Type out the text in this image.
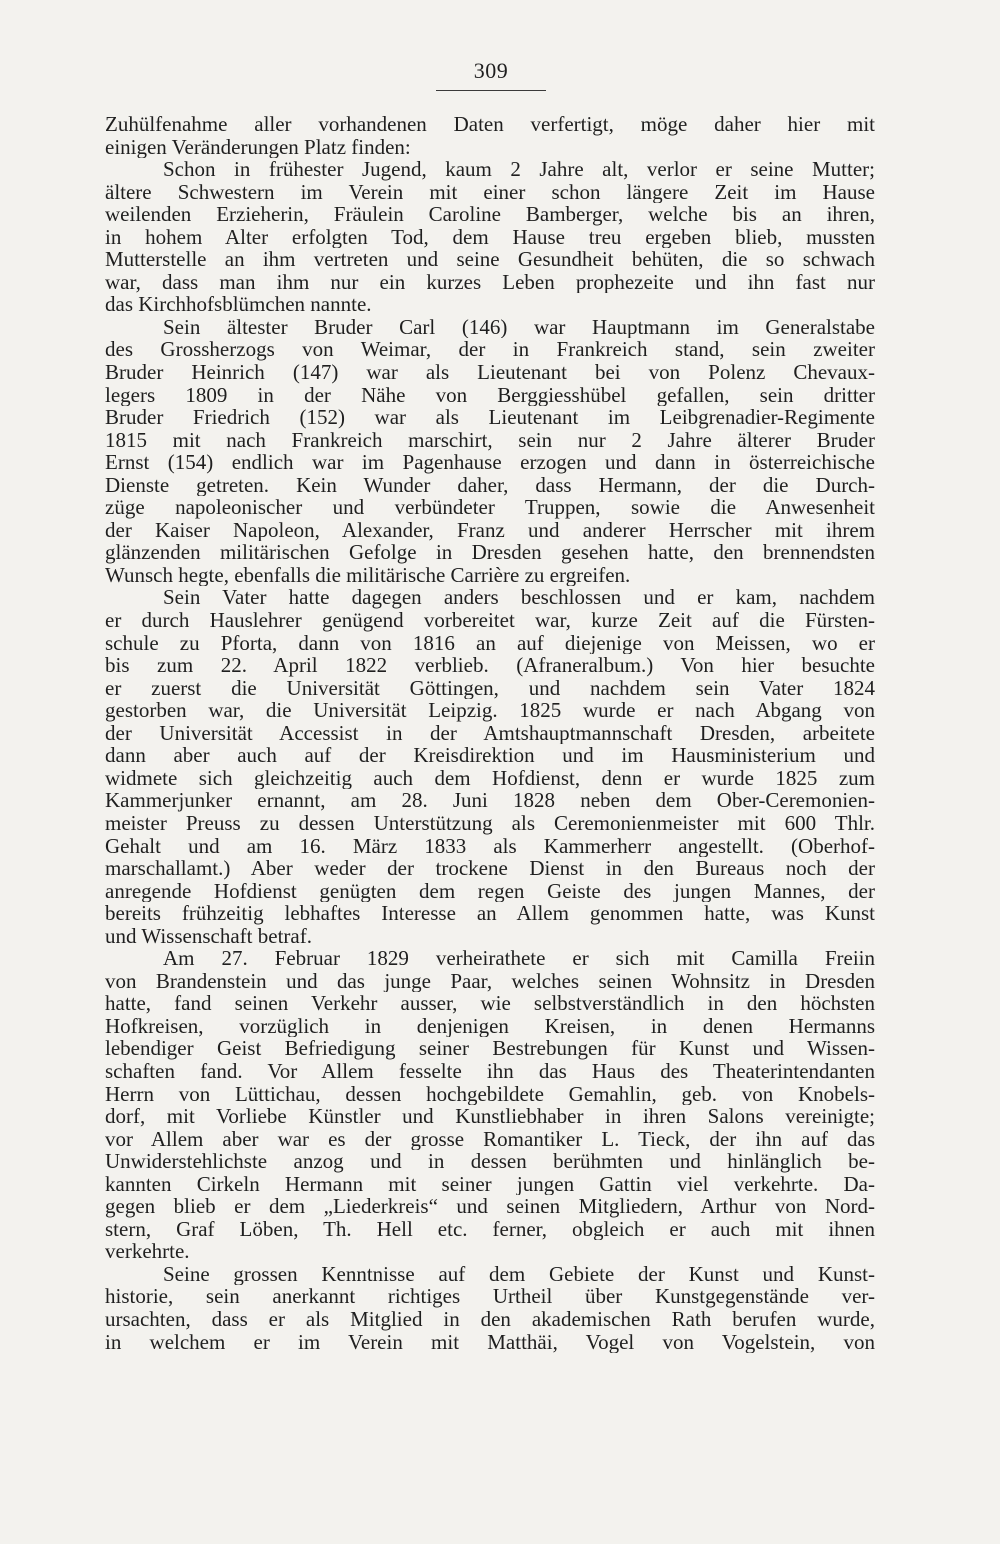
309
Zuhülfenahme aller vorhandenen Daten verfertigt, möge daher hier mit
einigen Veränderungen Platz finden:
Schon in frühester Jugend, kaum 2 Jahre alt, verlor er seine Mutter;
ältere Schwestern im Verein mit einer schon längere Zeit im Hause
weilenden Erzieherin, Fräulein Caroline Bamberger, welche bis an ihren,
in hohem Alter erfolgten Tod, dem Hause treu ergeben blieb, mussten
Mutterstelle an ihm vertreten und seine Gesundheit behüten, die so schwach
war, dass man ihm nur ein kurzes Leben prophezeite und ihn fast nur
das Kirchhofsblümchen nannte.
Sein ältester Bruder Carl (146) war Hauptmann im Generalstabe
des Grossherzogs von Weimar, der in Frankreich stand, sein zweiter
Bruder Heinrich (147) war als Lieutenant bei von Polenz Chevaux-
legers 1809 in der Nähe von Berggiesshübel gefallen, sein dritter
Bruder Friedrich (152) war als Lieutenant im Leibgrenadier-Regimente
1815 mit nach Frankreich marschirt, sein nur 2 Jahre älterer Bruder
Ernst (154) endlich war im Pagenhause erzogen und dann in österreichische
Dienste getreten. Kein Wunder daher, dass Hermann, der die Durch-
züge napoleonischer und verbündeter Truppen, sowie die Anwesenheit
der Kaiser Napoleon, Alexander, Franz und anderer Herrscher mit ihrem
glänzenden militärischen Gefolge in Dresden gesehen hatte, den brennendsten
Wunsch hegte, ebenfalls die militärische Carrière zu ergreifen.
Sein Vater hatte dagegen anders beschlossen und er kam, nachdem
er durch Hauslehrer genügend vorbereitet war, kurze Zeit auf die Fürsten-
schule zu Pforta, dann von 1816 an auf diejenige von Meissen, wo er
bis zum 22. April 1822 verblieb. (Afraneralbum.) Von hier besuchte
er zuerst die Universität Göttingen, und nachdem sein Vater 1824
gestorben war, die Universität Leipzig. 1825 wurde er nach Abgang von
der Universität Accessist in der Amtshauptmannschaft Dresden, arbeitete
dann aber auch auf der Kreisdirektion und im Hausministerium und
widmete sich gleichzeitig auch dem Hofdienst, denn er wurde 1825 zum
Kammerjunker ernannt, am 28. Juni 1828 neben dem Ober-Ceremonien-
meister Preuss zu dessen Unterstützung als Ceremonienmeister mit 600 Thlr.
Gehalt und am 16. März 1833 als Kammerherr angestellt. (Oberhof-
marschallamt.) Aber weder der trockene Dienst in den Bureaus noch der
anregende Hofdienst genügten dem regen Geiste des jungen Mannes, der
bereits frühzeitig lebhaftes Interesse an Allem genommen hatte, was Kunst
und Wissenschaft betraf.
Am 27. Februar 1829 verheirathete er sich mit Camilla Freiin
von Brandenstein und das junge Paar, welches seinen Wohnsitz in Dresden
hatte, fand seinen Verkehr ausser, wie selbstverständlich in den höchsten
Hofkreisen, vorzüglich in denjenigen Kreisen, in denen Hermanns
lebendiger Geist Befriedigung seiner Bestrebungen für Kunst und Wissen-
schaften fand. Vor Allem fesselte ihn das Haus des Theaterintendanten
Herrn von Lüttichau, dessen hochgebildete Gemahlin, geb. von Knobels-
dorf, mit Vorliebe Künstler und Kunstliebhaber in ihren Salons vereinigte;
vor Allem aber war es der grosse Romantiker L. Tieck, der ihn auf das
Unwiderstehlichste anzog und in dessen berühmten und hinlänglich be-
kannten Cirkeln Hermann mit seiner jungen Gattin viel verkehrte. Da-
gegen blieb er dem „Liederkreis“ und seinen Mitgliedern, Arthur von Nord-
stern, Graf Löben, Th. Hell etc. ferner, obgleich er auch mit ihnen
verkehrte.
Seine grossen Kenntnisse auf dem Gebiete der Kunst und Kunst-
historie, sein anerkannt richtiges Urtheil über Kunstgegenstände ver-
ursachten, dass er als Mitglied in den akademischen Rath berufen wurde,
in welchem er im Verein mit Matthäi, Vogel von Vogelstein, von
